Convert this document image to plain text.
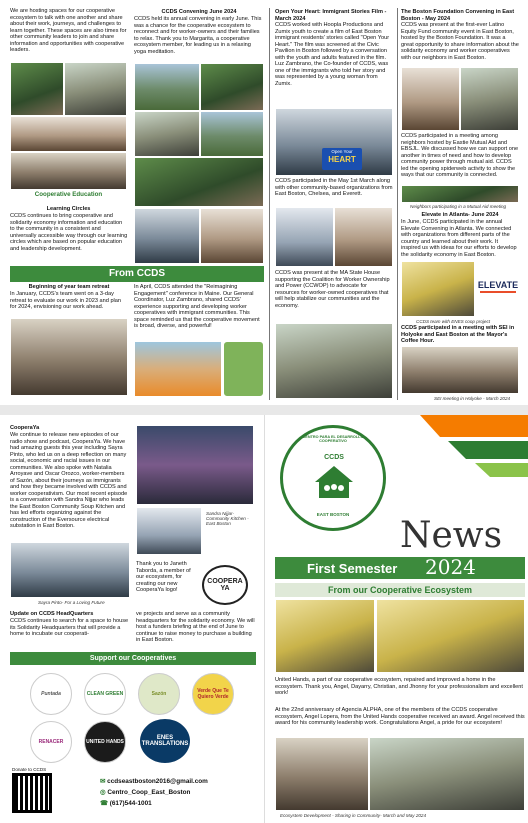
We are hosting spaces for our cooperative ecosystem to talk with one another and share about their work, journeys, and challenges to learn together. These spaces are also times for other community leaders to join and share information and opportunities with cooperative leaders.
Cooperative Education
Learning Circles
CCDS continues to bring cooperative and solidarity economy information and education to the community in a consistent and universally accessible way through our learning circles which are based on popular education and leadership development.
CCDS Convening June 2024
CCDS held its annual convening in early June. This was a chance for the cooperative ecosystem to reconnect and for worker-owners and their families to relax. Thank you to Margarita, a cooperative ecosystem member, for leading us in a relaxing yoga meditation.
From CCDS
Beginning of year team retreat
In January, CCDS's team went on a 3-day retreat to evaluate our work in 2023 and plan for 2024, envisioning our work ahead.
In April, CCDS attended the "Reimagining Engagement" conference in Maine. Our General Coordinator, Luz Zambrano, shared CCDS' experience supporting and developing worker cooperatives with immigrant communities. This space reminded us that the cooperative movement is broad, diverse, and powerful!
Open Your Heart: Immigrant Stories Film - March 2024
CCDS worked with Hoopla Productions and Zumix youth to create a film of East Boston immigrant residents' stories called "Open Your Heart." The film was screened at the Civic Pavilion in Boston followed by a conversation with the youth and adults featured in the film. Luz Zambrano, the Co-founder of CCDS, was one of the immigrants who told her story and was represented by a young woman from Zumix.
Open Your
HEART
CCDS participated in the May 1st March along with other community-based organizations from East Boston, Chelsea, and Everett.
CCDS was present at the MA State House supporting the Coalition for Worker Ownership and Power (CCWOP) to advocate for resources for worker-owned cooperatives that will help stabilize our communities and the economy.
The Boston Foundation Convening in East Boston - May 2024
CCDS was present at the first-ever Latino Equity Fund community event in East Boston, hosted by the Boston Foundation. It was a great opportunity to share information about the solidarity economy and worker cooperatives with our neighbors in East Boston.
CCDS participated in a meeting among neighbors hosted by Eastie Mutual Aid and EBSJL. We discussed how we can support one another in times of need and how to develop community power through mutual aid. CCDS led the opening spiderweb activity to show the ways that our community is connected.
Neighbors participating in a Mutual Aid meeting
Elevate in Atlanta- June 2024
In June, CCDS participated in the annual Elevate Convening in Atlanta. We connected with organizations from different parts of the country and learned about their work. It inspired us with ideas for our efforts to develop the solidarity economy in East Boston.
ELEVATE
CCDS team with ENES coop project
CCDS participated in a meeting with SEI in Holyoke and East Boston at the Mayor's Coffee Hour.
SEI meeting in Holyoke - March 2024
CooperaYa
We continue to release new episodes of our radio show and podcast, CooperaYa. We have had amazing guests this year including Sayra Pinto, who led us on a deep reflection on many social, economic and racial issues in our communities. We also spoke with Natalia Arroyave and Oscar Orozco, worker-members of Sazón, about their journeys as immigrants and how they became involved with CCDS and worker cooperativism. Our most recent episode is a conversation with Sandra Nijjar who leads the East Boston Community Soup Kitchen and has led efforts organizing against the construction of the Eversource electrical substation in East Boston.
Sayra Pinto- For a Loving Future
Sandra Nijjar- Community Kitchen - East Boston
Thank you to Janeth Taborda, a member of our ecosystem, for creating our new CooperaYa logo!
COOPERA YA
Update on CCDS HeadQuarters
CCDS continues to search for a space to house its Solidarity Headquarters that will provide a home to incubate our cooperati-
ve projects and serve as a community headquarters for the solidarity economy. We will host a funders briefing at the end of June to continue to raise money to purchase a building in East Boston.
Support our Cooperatives
Puntada	CLEAN GREEN	Sazón	Verde Que Te Quiero Verde
RENACER	UNITED HANDS
ENES TRANSLATIONS
Donate to CCDS
✉ ccdseastboston2016@gmail.com
◎ Centro_Coop_East_Boston
☎ (617)544-1001
CENTRO PARA EL DESARROLLO COOPERATIVO
CCDS
EAST BOSTON
News
First Semester 2024
From our Cooperative Ecosystem
United Hands, a part of our cooperative ecosystem, repaired and improved a home in the ecosystem. Thank you, Angel, Dayarry, Christian, and Jhonny for your professionalism and excellent work!
At the 22nd anniversary of Agencia ALPHA, one of the members of the CCDS cooperative ecosystem, Angel Lopera, from the United Hands cooperative received an award. Angel received this award for his community leadership work. Congratulations Angel, a pride for our ecosystem!
Ecosystem Development - Sharing in Community- March and May 2024
